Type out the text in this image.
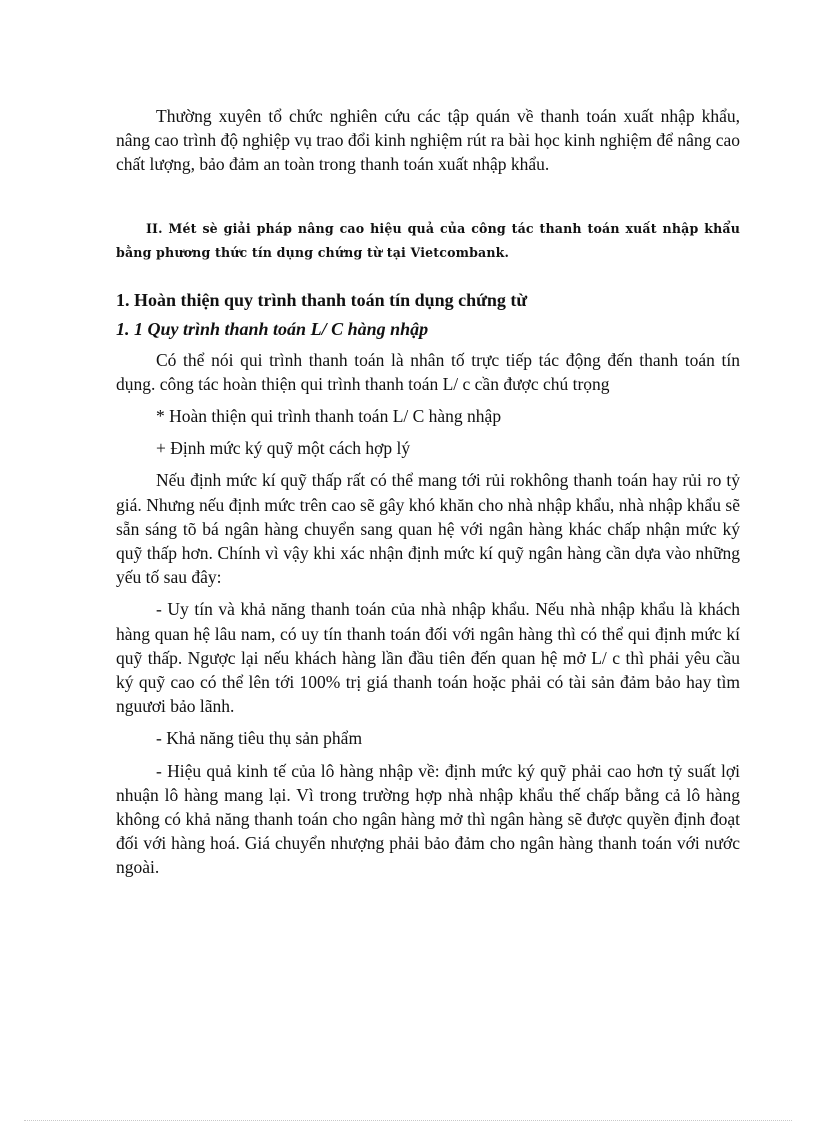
Thường xuyên tổ chức nghiên cứu các tập quán về thanh toán xuất nhập khẩu, nâng cao trình độ nghiệp vụ trao đổi kinh nghiệm rút ra bài học kinh nghiệm để nâng cao chất lượng, bảo đảm an toàn trong thanh toán xuất nhập khẩu.

II. Mét sè giải pháp nâng cao hiệu quả của công tác thanh toán xuất nhập khẩu bằng phương thức tín dụng chứng từ tại Vietcombank.

1. Hoàn thiện quy trình thanh toán tín dụng chứng từ

1. 1 Quy trình thanh toán L/ C hàng nhập

Có thể nói qui trình thanh toán là nhân tố trực tiếp tác động đến thanh toán tín dụng. công tác hoàn thiện qui trình thanh toán L/ c cần được chú trọng

* Hoàn thiện qui trình thanh toán L/ C hàng nhập

+ Định mức ký quỹ một cách hợp lý

Nếu định mức kí quỹ thấp rất có thể mang tới rủi rokhông thanh toán hay rủi ro tỷ giá. Nhưng nếu định mức trên cao sẽ gây khó khăn cho nhà nhập khẩu, nhà nhập khẩu sẽ sẵn sáng tõ bá ngân hàng chuyển sang quan hệ với ngân hàng khác chấp nhận mức ký quỹ thấp hơn. Chính vì vậy khi xác nhận định mức kí quỹ ngân hàng cần dựa vào những yếu tố sau đây:

- Uy tín và khả năng thanh toán của nhà nhập khẩu. Nếu nhà nhập khẩu là khách hàng quan hệ lâu nam, có uy tín thanh toán đối với ngân hàng thì có thể qui định mức kí quỹ thấp. Ngược lại nếu khách hàng lần đầu tiên đến quan hệ mở L/ c thì phải yêu cầu ký quỹ cao có thể lên tới 100% trị giá thanh toán hoặc phải có tài sản đảm bảo hay tìm nguươi bảo lãnh.

- Khả năng tiêu thụ sản phẩm

- Hiệu quả kinh tế của lô hàng nhập về: định mức ký quỹ phải cao hơn tỷ suất lợi nhuận lô hàng mang lại. Vì trong trường hợp nhà nhập khẩu thế chấp bằng cả lô hàng không có khả năng thanh toán cho ngân hàng mở thì ngân hàng sẽ được quyền định đoạt đối với hàng hoá. Giá chuyển nhượng phải bảo đảm cho ngân hàng thanh toán với nước ngoài.
